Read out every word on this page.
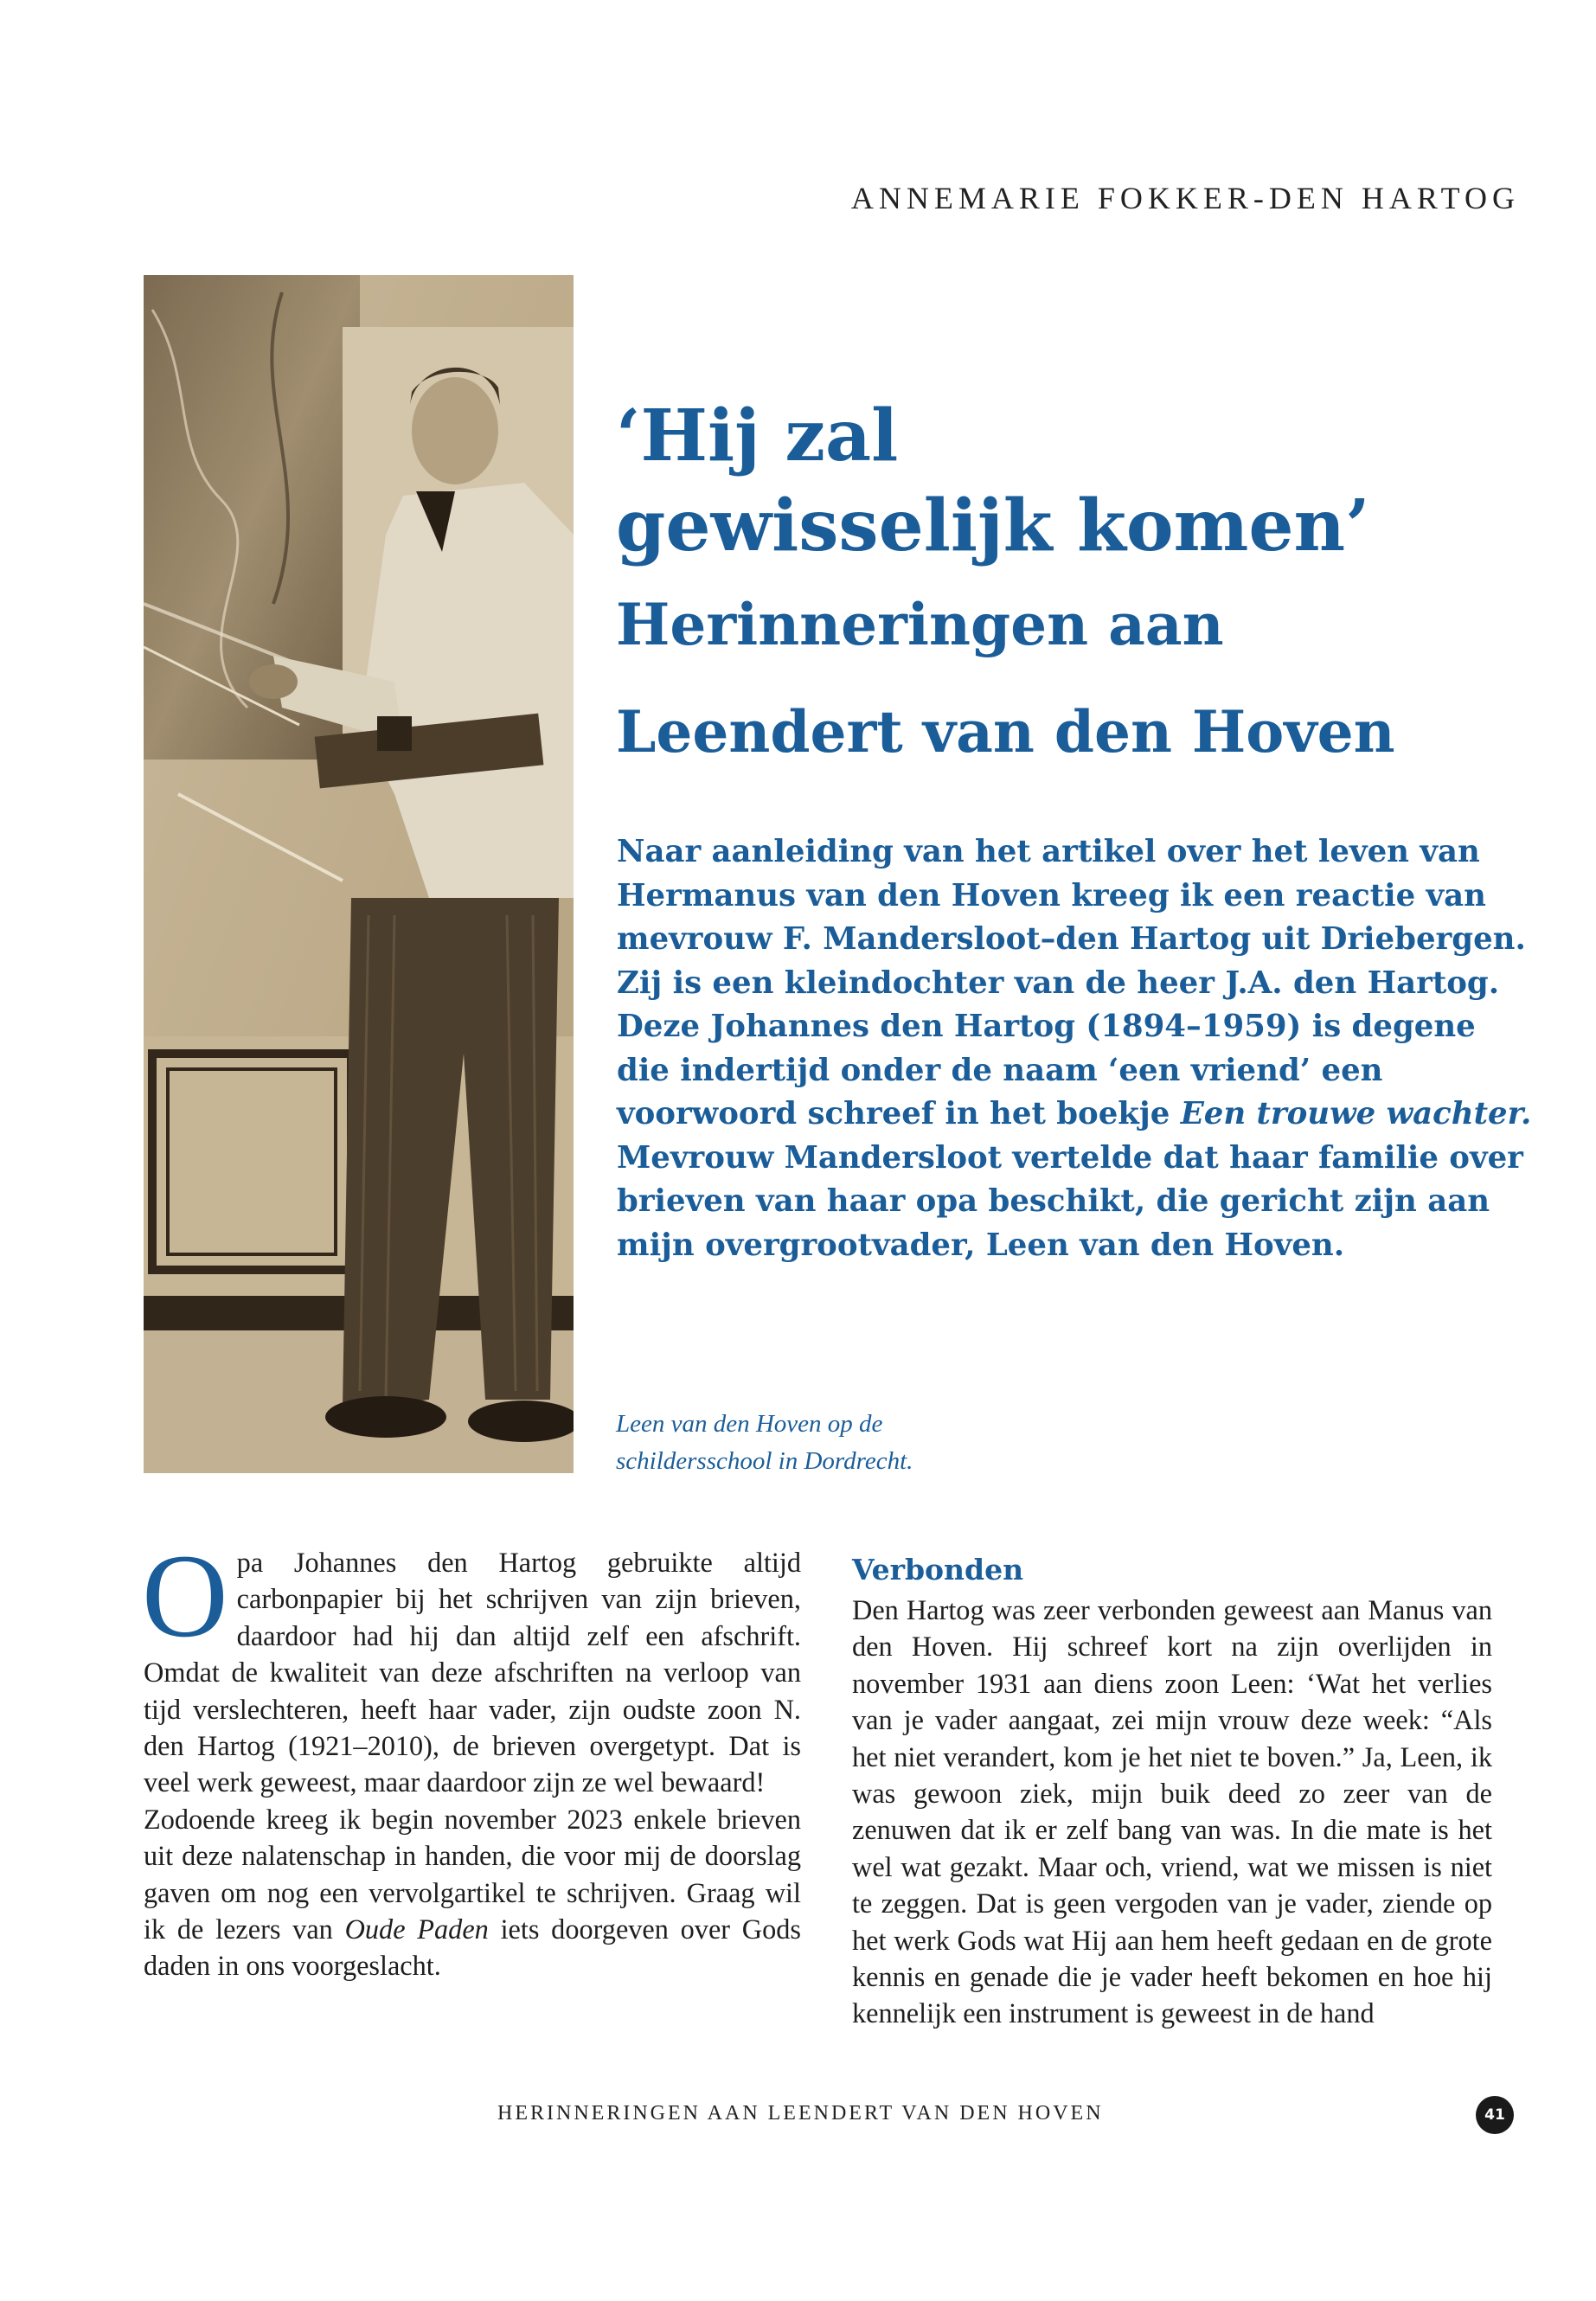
ANNEMARIE FOKKER-DEN HARTOG
‘Hij zal
gewisselijk komen’
Herinneringen aan
Leendert van den Hoven

Naar aanleiding van het artikel over het leven van Hermanus van den Hoven kreeg ik een reactie van mevrouw F. Mandersloot–den Hartog uit Driebergen. Zij is een kleindochter van de heer J.A. den Hartog. Deze Johannes den Hartog (1894–1959) is degene die indertijd onder de naam ‘een vriend’ een voorwoord schreef in het boekje Een trouwe wachter.

Mevrouw Mandersloot vertelde dat haar familie over brieven van haar opa beschikt, die gericht zijn aan mijn overgrootvader, Leen van den Hoven.

Leen van den Hoven op de schildersschool in Dordrecht.

Opa Johannes den Hartog gebruikte altijd carbonpapier bij het schrijven van zijn brieven, daardoor had hij dan altijd zelf een afschrift. Omdat de kwaliteit van deze afschriften na verloop van tijd verslechteren, heeft haar vader, zijn oudste zoon N. den Hartog (1921–2010), de brieven overgetypt. Dat is veel werk geweest, maar daardoor zijn ze wel bewaard!

Zodoende kreeg ik begin november 2023 enkele brieven uit deze nalatenschap in handen, die voor mij de doorslag gaven om nog een vervolgartikel te schrijven. Graag wil ik de lezers van Oude Paden iets doorgeven over Gods daden in ons voorgeslacht.

Verbonden

Den Hartog was zeer verbonden geweest aan Manus van den Hoven. Hij schreef kort na zijn overlijden in november 1931 aan diens zoon Leen: ‘Wat het verlies van je vader aangaat, zei mijn vrouw deze week: “Als het niet verandert, kom je het niet te boven.” Ja, Leen, ik was gewoon ziek, mijn buik deed zo zeer van de zenuwen dat ik er zelf bang van was. In die mate is het wel wat gezakt. Maar och, vriend, wat we missen is niet te zeggen. Dat is geen vergoden van je vader, ziende op het werk Gods wat Hij aan hem heeft gedaan en de grote kennis en genade die je vader heeft bekomen en hoe hij kennelijk een instrument is geweest in de hand

HERINNERINGEN AAN LEENDERT VAN DEN HOVEN	41
